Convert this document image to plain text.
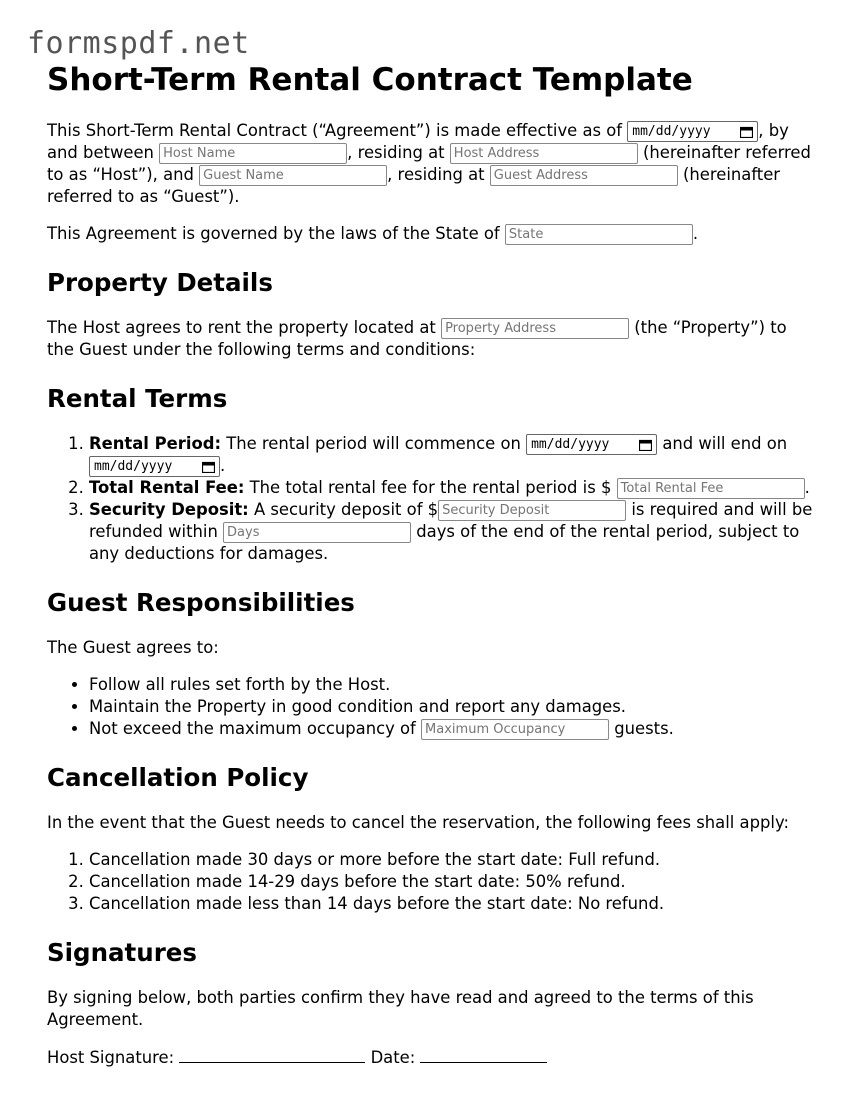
formspdf.net
Short-Term Rental Contract Template

This Short-Term Rental Contract (“Agreement”) is made effective as of mm/dd/yyyy	, by and between Host Name	, residing at Host Address	(hereinafter referred to as “Host”), and Guest Name	, residing at Guest Address	(hereinafter referred to as “Guest”).

This Agreement is governed by the laws of the State of State	.

Property Details

The Host agrees to rent the property located at Property Address	(the “Property”) to the Guest under the following terms and conditions:

Rental Terms
1. Rental Period: The rental period will commence on mm/dd/yyyy	and will end on
mm/dd/yyyy	.
2. Total Rental Fee: The total rental fee for the rental period is $ Total Rental Fee	.
3. Security Deposit: A security deposit of $ Security Deposit	is required and will be refunded within Days	days of the end of the rental period, subject to any deductions for damages.
Guest Responsibilities

The Guest agrees to:

• Follow all rules set forth by the Host.
• Maintain the Property in good condition and report any damages.
• Not exceed the maximum occupancy of Maximum Occupancy	guests.
Cancellation Policy

In the event that the Guest needs to cancel the reservation, the following fees shall apply:

1. Cancellation made 30 days or more before the start date: Full refund.
2. Cancellation made 14-29 days before the start date: 50% refund.
3. Cancellation made less than 14 days before the start date: No refund.
Signatures

By signing below, both parties confirm they have read and agreed to the terms of this Agreement.

Host Signature:	Date:
